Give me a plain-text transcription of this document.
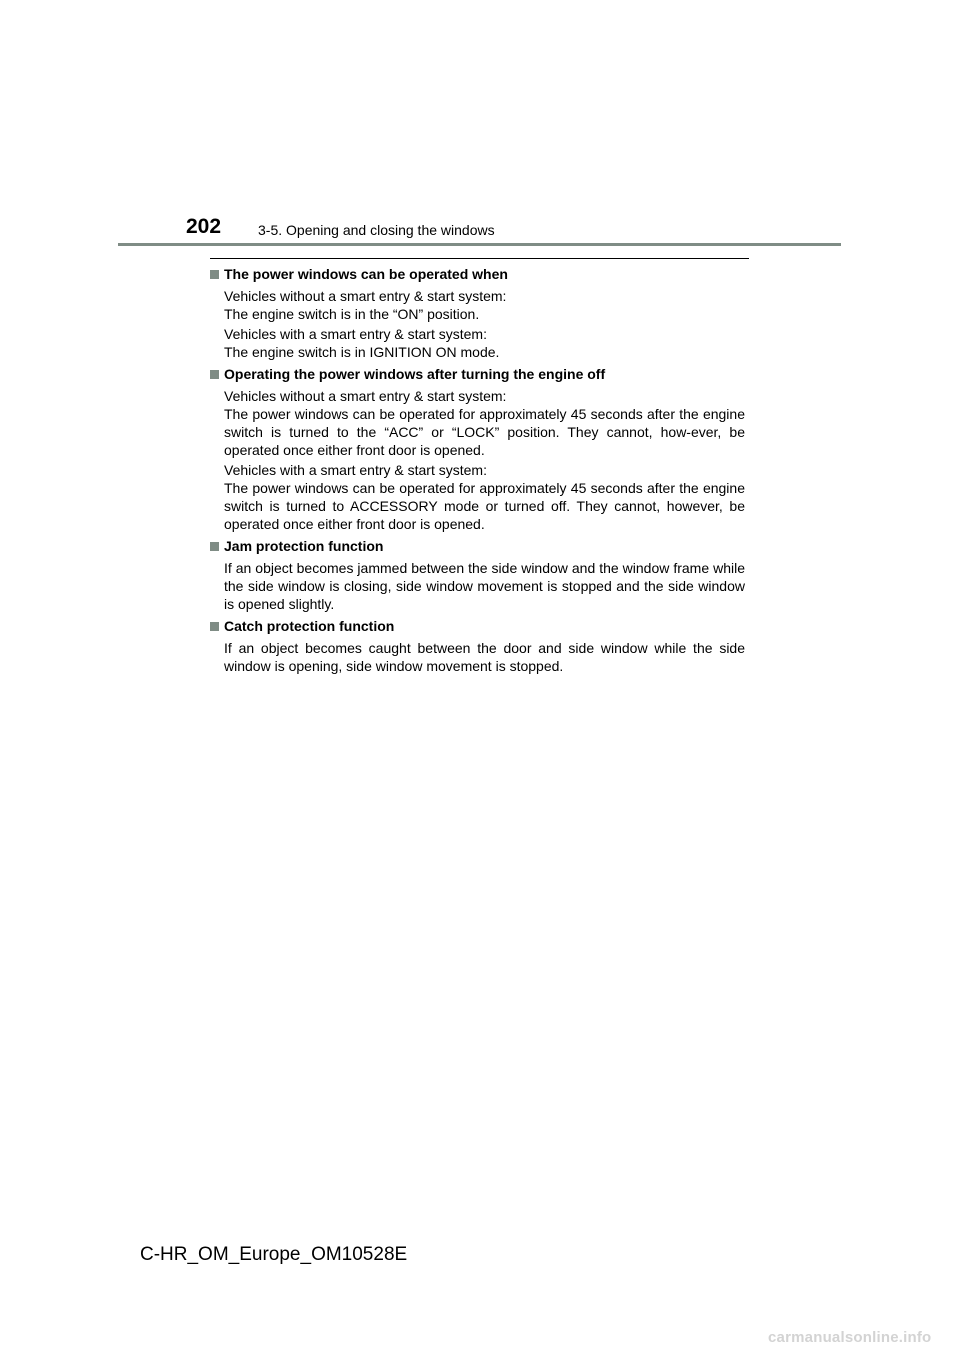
202	3-5. Opening and closing the windows
The power windows can be operated when

Vehicles without a smart entry & start system:
The engine switch is in the “ON” position.

Vehicles with a smart entry & start system:
The engine switch is in IGNITION ON mode.

Operating the power windows after turning the engine off

Vehicles without a smart entry & start system:
The power windows can be operated for approximately 45 seconds after the engine switch is turned to the “ACC” or “LOCK” position. They cannot, how-ever, be operated once either front door is opened.

Vehicles with a smart entry & start system:
The power windows can be operated for approximately 45 seconds after the engine switch is turned to ACCESSORY mode or turned off. They cannot, however, be operated once either front door is opened.

Jam protection function

If an object becomes jammed between the side window and the window frame while the side window is closing, side window movement is stopped and the side window is opened slightly.

Catch protection function

If an object becomes caught between the door and side window while the side window is opening, side window movement is stopped.

C-HR_OM_Europe_OM10528E
carmanualsonline.info
